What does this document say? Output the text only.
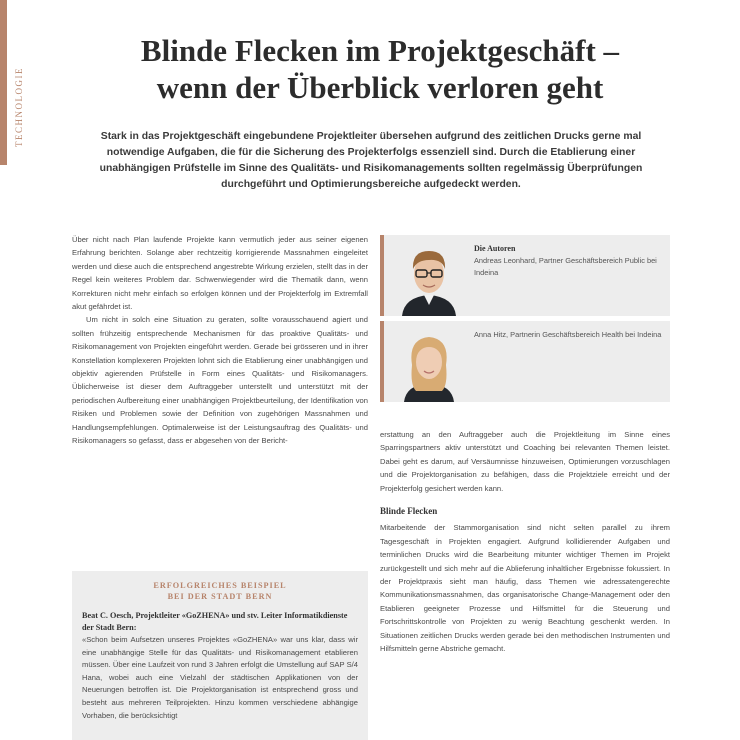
TECHNOLOGIE
Blinde Flecken im Projektgeschäft –
wenn der Überblick verloren geht

Stark in das Projektgeschäft eingebundene Projektleiter übersehen aufgrund des zeitlichen Drucks gerne mal notwendige Aufgaben, die für die Sicherung des Projekterfolgs essenziell sind. Durch die Etablierung einer unabhängigen Prüfstelle im Sinne des Qualitäts- und Risikomanagements sollten regelmässig Überprüfungen durchgeführt und Optimierungsbereiche aufgedeckt werden.

Über nicht nach Plan laufende Projekte kann vermutlich jeder aus seiner eigenen Erfahrung berichten. Solange aber rechtzeitig korrigierende Massnahmen eingeleitet werden und diese auch die entsprechend angestrebte Wirkung erzielen, stellt das in der Regel kein weiteres Problem dar. Schwerwiegender wird die Thematik dann, wenn Korrekturen nicht mehr einfach so erfolgen können und der Projekterfolg im Extremfall akut gefährdet ist.

Um nicht in solch eine Situation zu geraten, sollte vorausschauend agiert und sollten frühzeitig entsprechende Mechanismen für das proaktive Qualitäts- und Risikomanagement von Projekten eingeführt werden. Gerade bei grösseren und in ihrer Konstellation komplexeren Projekten lohnt sich die Etablierung einer unabhängigen und objektiv agierenden Prüfstelle in Form eines Qualitäts- und Risikomanagers. Üblicherweise ist dieser dem Auftraggeber unterstellt und unterstützt mit der periodischen Aufbereitung einer unabhängigen Projektbeurteilung, der Identifikation von Risiken und Problemen sowie der Definition von zugehörigen Massnahmen und Handlungsempfehlungen. Optimalerweise ist der Leistungsauftrag des Qualitäts- und Risikomanagers so gefasst, dass er abgesehen von der Bericht-

Die Autoren
Andreas Leonhard, Partner Geschäftsbereich Public bei Indeina
Anna Hitz, Partnerin Geschäftsbereich Health bei Indeina

erstattung an den Auftraggeber auch die Projektleitung im Sinne eines Sparringspartners aktiv unterstützt und Coaching bei relevanten Themen leistet. Dabei geht es darum, auf Versäumnisse hinzuweisen, Optimierungen vorzuschlagen und die Projektorganisation zu befähigen, dass die Projektziele erreicht und der Projekterfolg gesichert werden kann.

Blinde Flecken

Mitarbeitende der Stammorganisation sind nicht selten parallel zu ihrem Tagesgeschäft in Projekten engagiert. Aufgrund kollidierender Aufgaben und terminlichen Drucks wird die Bearbeitung mitunter wichtiger Themen im Projekt zurückgestellt und sich mehr auf die Ablieferung inhaltlicher Ergebnisse fokussiert. In der Projektpraxis sieht man häufig, dass Themen wie adressatengerechte Kommunikationsmassnahmen, das organisatorische Change-Management oder den Etablieren geeigneter Prozesse und Hilfsmittel für die Steuerung und Fortschrittskontrolle von Projekten zu wenig Beachtung geschenkt werden. In Situationen zeitlichen Drucks werden gerade bei den methodischen Instrumenten und Hilfsmitteln gerne Abstriche gemacht.

ERFOLGREICHES BEISPIEL
BEI DER STADT BERN
Beat C. Oesch, Projektleiter «GoZHENA» und stv. Leiter Informatikdienste der Stadt Bern:
«Schon beim Aufsetzen unseres Projektes «GoZHENA» war uns klar, dass wir eine unabhängige Stelle für das Qualitäts- und Risikomanagement etablieren müssen. Über eine Laufzeit von rund 3 Jahren erfolgt die Umstellung auf SAP S/4 Hana, wobei auch eine Vielzahl der städtischen Applikationen von der Neuerungen betroffen ist. Die Projektorganisation ist entsprechend gross und besteht aus mehreren Teilprojekten. Hinzu kommen verschiedene abhängige Vorhaben, die berücksichtigt
